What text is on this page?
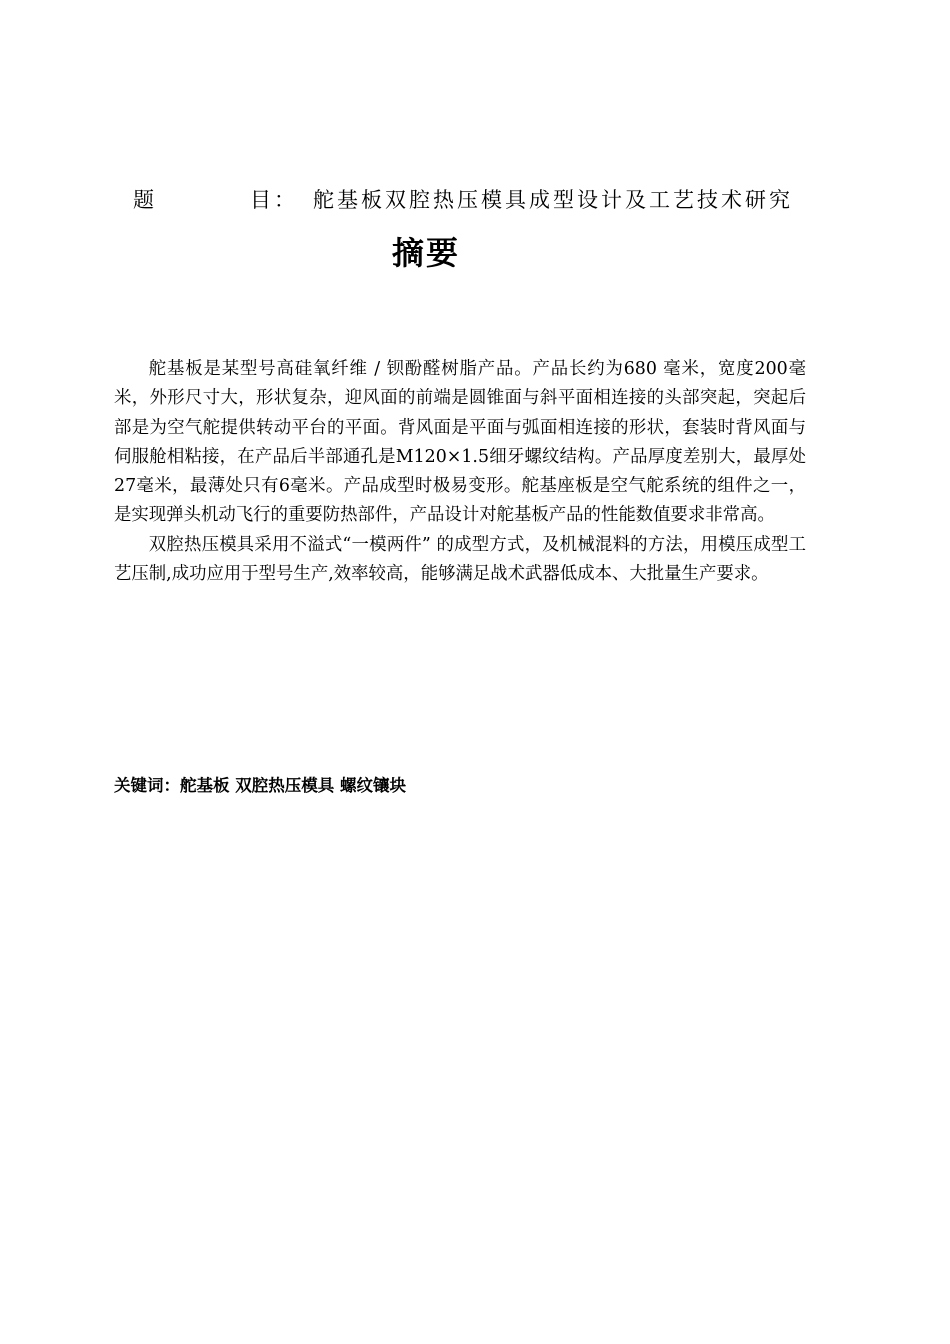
题	目： 舵基板双腔热压模具成型设计及工艺技术研究
摘要

舵基板是某型号高硅氧纤维 / 钡酚醛树脂产品。产品长约为680 毫米，宽度200毫米，外形尺寸大，形状复杂，迎风面的前端是圆锥面与斜平面相连接的头部突起，突起后部是为空气舵提供转动平台的平面。背风面是平面与弧面相连接的形状，套装时背风面与伺服舱相粘接，在产品后半部通孔是M120×1.5细牙螺纹结构。产品厚度差别大，最厚处27毫米，最薄处只有6毫米。产品成型时极易变形。舵基座板是空气舵系统的组件之一，是实现弹头机动飞行的重要防热部件，产品设计对舵基板产品的性能数值要求非常高。

双腔热压模具采用不溢式“一模两件” 的成型方式，及机械混料的方法，用模压成型工艺压制,成功应用于型号生产,效率较高，能够满足战术武器低成本、大批量生产要求。

关键词：舵基板 双腔热压模具 螺纹镶块
